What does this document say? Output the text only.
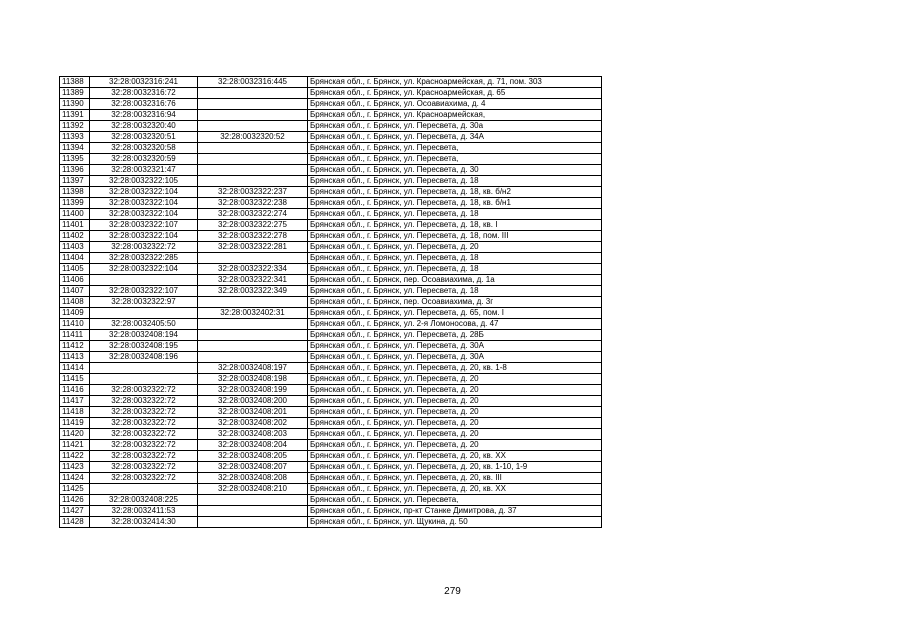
11388	32:28:0032316:241	32:28:0032316:445	Брянская обл., г. Брянск, ул. Красноармейская, д. 71, пом. 303
11389	32:28:0032316:72		Брянская обл., г. Брянск, ул. Красноармейская, д. 65
11390	32:28:0032316:76		Брянская обл., г. Брянск, ул. Осоавиахима, д. 4
11391	32:28:0032316:94		Брянская обл., г. Брянск, ул. Красноармейская,
11392	32:28:0032320:40		Брянская обл., г. Брянск, ул. Пересвета, д. 30а
11393	32:28:0032320:51	32:28:0032320:52	Брянская обл., г. Брянск, ул. Пересвета, д. 34А
11394	32:28:0032320:58		Брянская обл., г. Брянск, ул. Пересвета,
11395	32:28:0032320:59		Брянская обл., г. Брянск, ул. Пересвета,
11396	32:28:0032321:47		Брянская обл., г. Брянск, ул. Пересвета, д. 30
11397	32:28:0032322:105		Брянская обл., г. Брянск, ул. Пересвета, д. 18
11398	32:28:0032322:104	32:28:0032322:237	Брянская обл., г. Брянск, ул. Пересвета, д. 18, кв. б/н2
11399	32:28:0032322:104	32:28:0032322:238	Брянская обл., г. Брянск, ул. Пересвета, д. 18, кв. б/н1
11400	32:28:0032322:104	32:28:0032322:274	Брянская обл., г. Брянск, ул. Пересвета, д. 18
11401	32:28:0032322:107	32:28:0032322:275	Брянская обл., г. Брянск, ул. Пересвета, д. 18, кв. I
11402	32:28:0032322:104	32:28:0032322:278	Брянская обл., г. Брянск, ул. Пересвета, д. 18, пом. III
11403	32:28:0032322:72	32:28:0032322:281	Брянская обл., г. Брянск, ул. Пересвета, д. 20
11404	32:28:0032322:285		Брянская обл., г. Брянск, ул. Пересвета, д. 18
11405	32:28:0032322:104	32:28:0032322:334	Брянская обл., г. Брянск, ул. Пересвета, д. 18
11406		32:28:0032322:341	Брянская обл., г. Брянск, пер. Осоавиахима, д. 1а
11407	32:28:0032322:107	32:28:0032322:349	Брянская обл., г. Брянск, ул. Пересвета, д. 18
11408	32:28:0032322:97		Брянская обл., г. Брянск, пер. Осоавиахима, д. 3г
11409		32:28:0032402:31	Брянская обл., г. Брянск, ул. Пересвета, д. 65, пом. I
11410	32:28:0032405:50		Брянская обл., г. Брянск, ул. 2-я Ломоносова, д. 47
11411	32:28:0032408:194		Брянская обл., г. Брянск, ул. Пересвета, д. 28Б
11412	32:28:0032408:195		Брянская обл., г. Брянск, ул. Пересвета, д. 30А
11413	32:28:0032408:196		Брянская обл., г. Брянск, ул. Пересвета, д. 30А
11414		32:28:0032408:197	Брянская обл., г. Брянск, ул. Пересвета, д. 20, кв. 1-8
11415		32:28:0032408:198	Брянская обл., г. Брянск, ул. Пересвета, д. 20
11416	32:28:0032322:72	32:28:0032408:199	Брянская обл., г. Брянск, ул. Пересвета, д. 20
11417	32:28:0032322:72	32:28:0032408:200	Брянская обл., г. Брянск, ул. Пересвета, д. 20
11418	32:28:0032322:72	32:28:0032408:201	Брянская обл., г. Брянск, ул. Пересвета, д. 20
11419	32:28:0032322:72	32:28:0032408:202	Брянская обл., г. Брянск, ул. Пересвета, д. 20
11420	32:28:0032322:72	32:28:0032408:203	Брянская обл., г. Брянск, ул. Пересвета, д. 20
11421	32:28:0032322:72	32:28:0032408:204	Брянская обл., г. Брянск, ул. Пересвета, д. 20
11422	32:28:0032322:72	32:28:0032408:205	Брянская обл., г. Брянск, ул. Пересвета, д. 20, кв. XX
11423	32:28:0032322:72	32:28:0032408:207	Брянская обл., г. Брянск, ул. Пересвета, д. 20, кв. 1-10, 1-9
11424	32:28:0032322:72	32:28:0032408:208	Брянская обл., г. Брянск, ул. Пересвета, д. 20, кв. III
11425		32:28:0032408:210	Брянская обл., г. Брянск, ул. Пересвета, д. 20, кв. XX
11426	32:28:0032408:225		Брянская обл., г. Брянск, ул. Пересвета,
11427	32:28:0032411:53		Брянская обл., г. Брянск, пр-кт Станке Димитрова, д. 37
11428	32:28:0032414:30		Брянская обл., г. Брянск, ул. Щукина, д. 50
279
